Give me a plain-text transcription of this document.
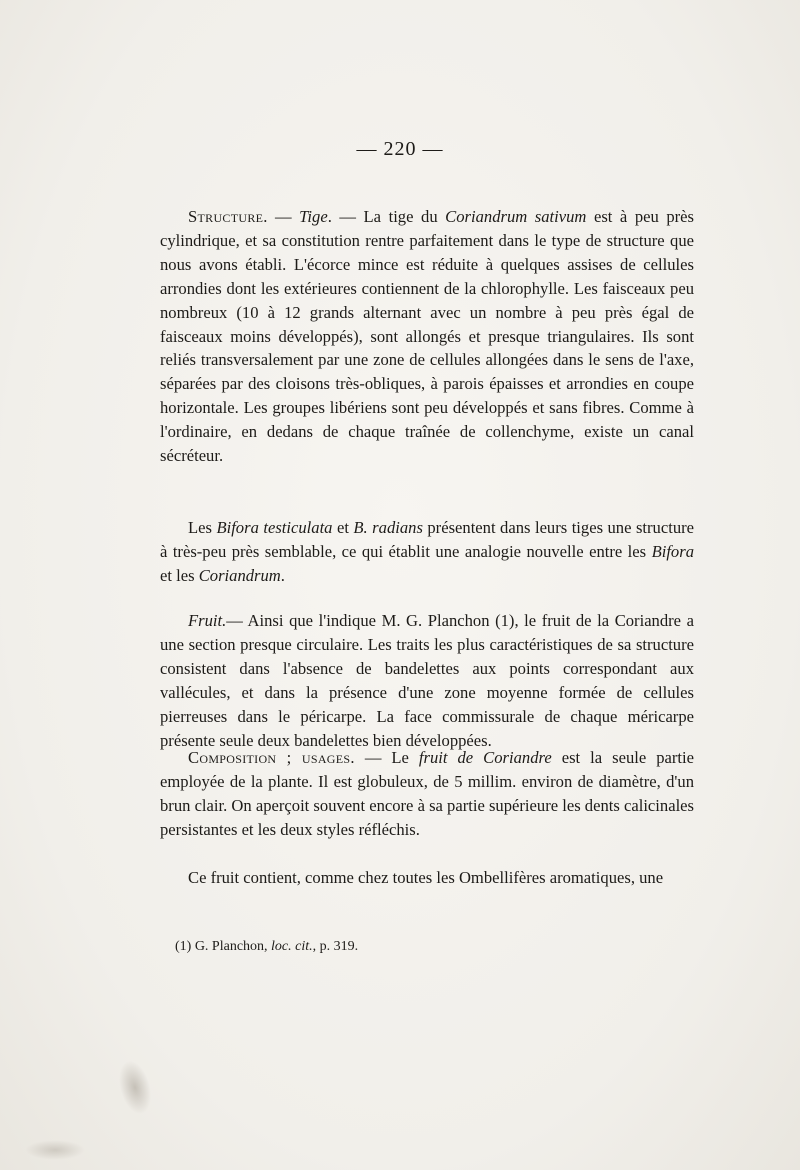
— 220 —

Structure. — Tige. — La tige du Coriandrum sativum est à peu près cylindrique, et sa constitution rentre parfaitement dans le type de structure que nous avons établi. L'écorce mince est réduite à quelques assises de cellules arrondies dont les extérieures contiennent de la chlorophylle. Les faisceaux peu nombreux (10 à 12 grands alternant avec un nombre à peu près égal de faisceaux moins développés), sont allongés et presque triangulaires. Ils sont reliés transversalement par une zone de cellules allongées dans le sens de l'axe, séparées par des cloisons très-obliques, à parois épaisses et arrondies en coupe horizontale. Les groupes libériens sont peu développés et sans fibres. Comme à l'ordinaire, en dedans de chaque traînée de collenchyme, existe un canal sécréteur.

Les Bifora testiculata et B. radians présentent dans leurs tiges une structure à très-peu près semblable, ce qui établit une analogie nouvelle entre les Bifora et les Coriandrum.

Fruit.— Ainsi que l'indique M. G. Planchon (1), le fruit de la Coriandre a une section presque circulaire. Les traits les plus caractéristiques de sa structure consistent dans l'absence de bandelettes aux points correspondant aux vallécules, et dans la présence d'une zone moyenne formée de cellules pierreuses dans le péricarpe. La face commissurale de chaque méricarpe présente seule deux bandelettes bien développées.

Composition ; usages. — Le fruit de Coriandre est la seule partie employée de la plante. Il est globuleux, de 5 millim. environ de diamètre, d'un brun clair. On aperçoit souvent encore à sa partie supérieure les dents calicinales persistantes et les deux styles réfléchis.

Ce fruit contient, comme chez toutes les Ombellifères aromatiques, une

(1) G. Planchon, loc. cit., p. 319.
